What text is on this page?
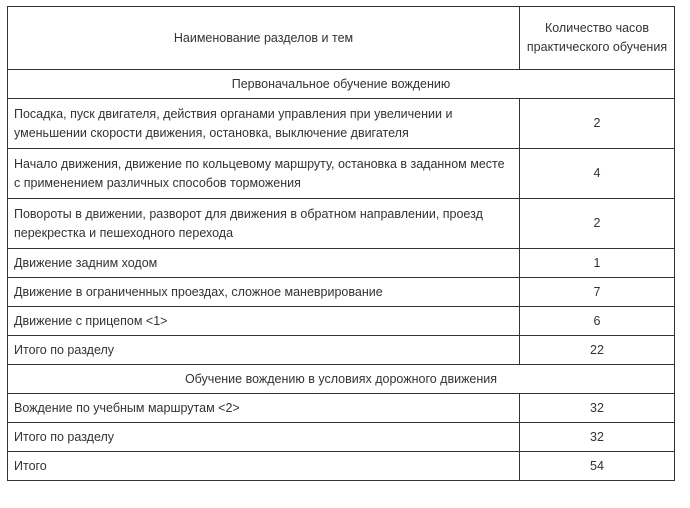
Наименование разделов и тем	Количество часов практического обучения
Первоначальное обучение вождению	
Посадка, пуск двигателя, действия органами управления при увеличении и уменьшении скорости движения, остановка, выключение двигателя	2
Начало движения, движение по кольцевому маршруту, остановка в заданном месте с применением различных способов торможения	4
Повороты в движении, разворот для движения в обратном направлении, проезд перекрестка и пешеходного перехода	2
Движение задним ходом	1
Движение в ограниченных проездах, сложное маневрирование	7
Движение с прицепом <1>	6
Итого по разделу	22
Обучение вождению в условиях дорожного движения	
Вождение по учебным маршрутам <2>	32
Итого по разделу	32
Итого	54
